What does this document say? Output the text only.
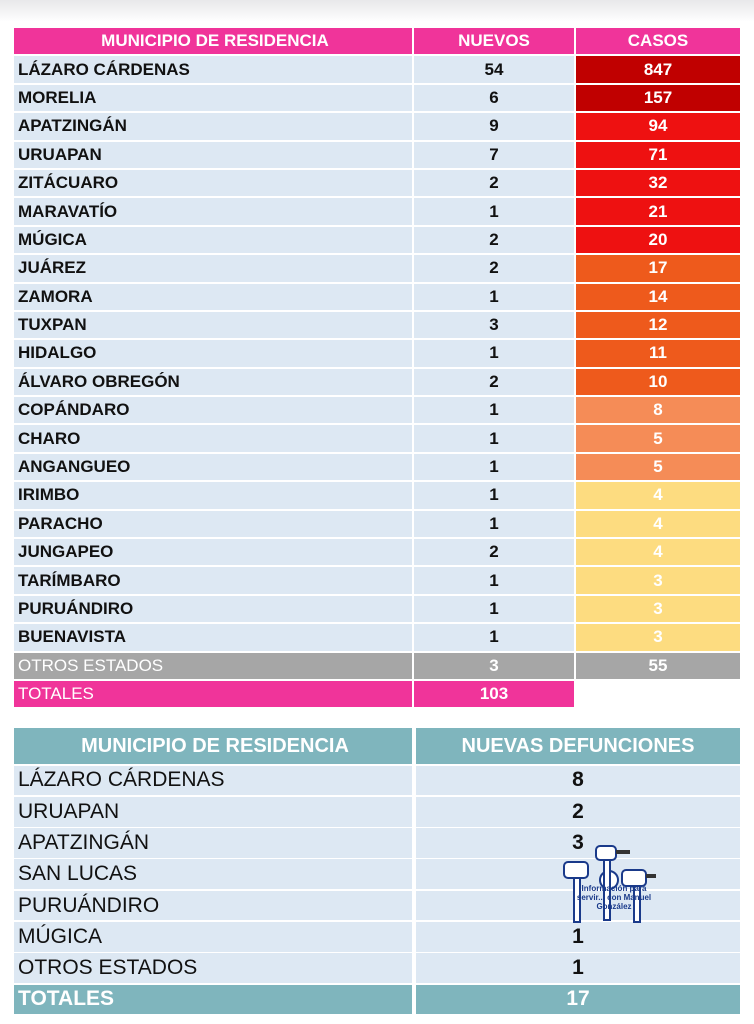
MUNICIPIO DE RESIDENCIA	NUEVOS	CASOS
LÁZARO CÁRDENAS	54	847
MORELIA	6	157
APATZINGÁN	9	94
URUAPAN	7	71
ZITÁCUARO	2	32
MARAVATÍO	1	21
MÚGICA	2	20
JUÁREZ	2	17
ZAMORA	1	14
TUXPAN	3	12
HIDALGO	1	11
ÁLVARO OBREGÓN	2	10
COPÁNDARO	1	8
CHARO	1	5
ANGANGUEO	1	5
IRIMBO	1	4
PARACHO	1	4
JUNGAPEO	2	4
TARÍMBARO	1	3
PURUÁNDIRO	1	3
BUENAVISTA	1	3
OTROS ESTADOS	3	55
TOTALES	103
MUNICIPIO DE RESIDENCIA	NUEVAS DEFUNCIONES
LÁZARO CÁRDENAS	8
URUAPAN	2
APATZINGÁN	3
SAN LUCAS
PURUÁNDIRO
MÚGICA	1
OTROS ESTADOS	1
TOTALES	17
Información para servir... con Manuel González
